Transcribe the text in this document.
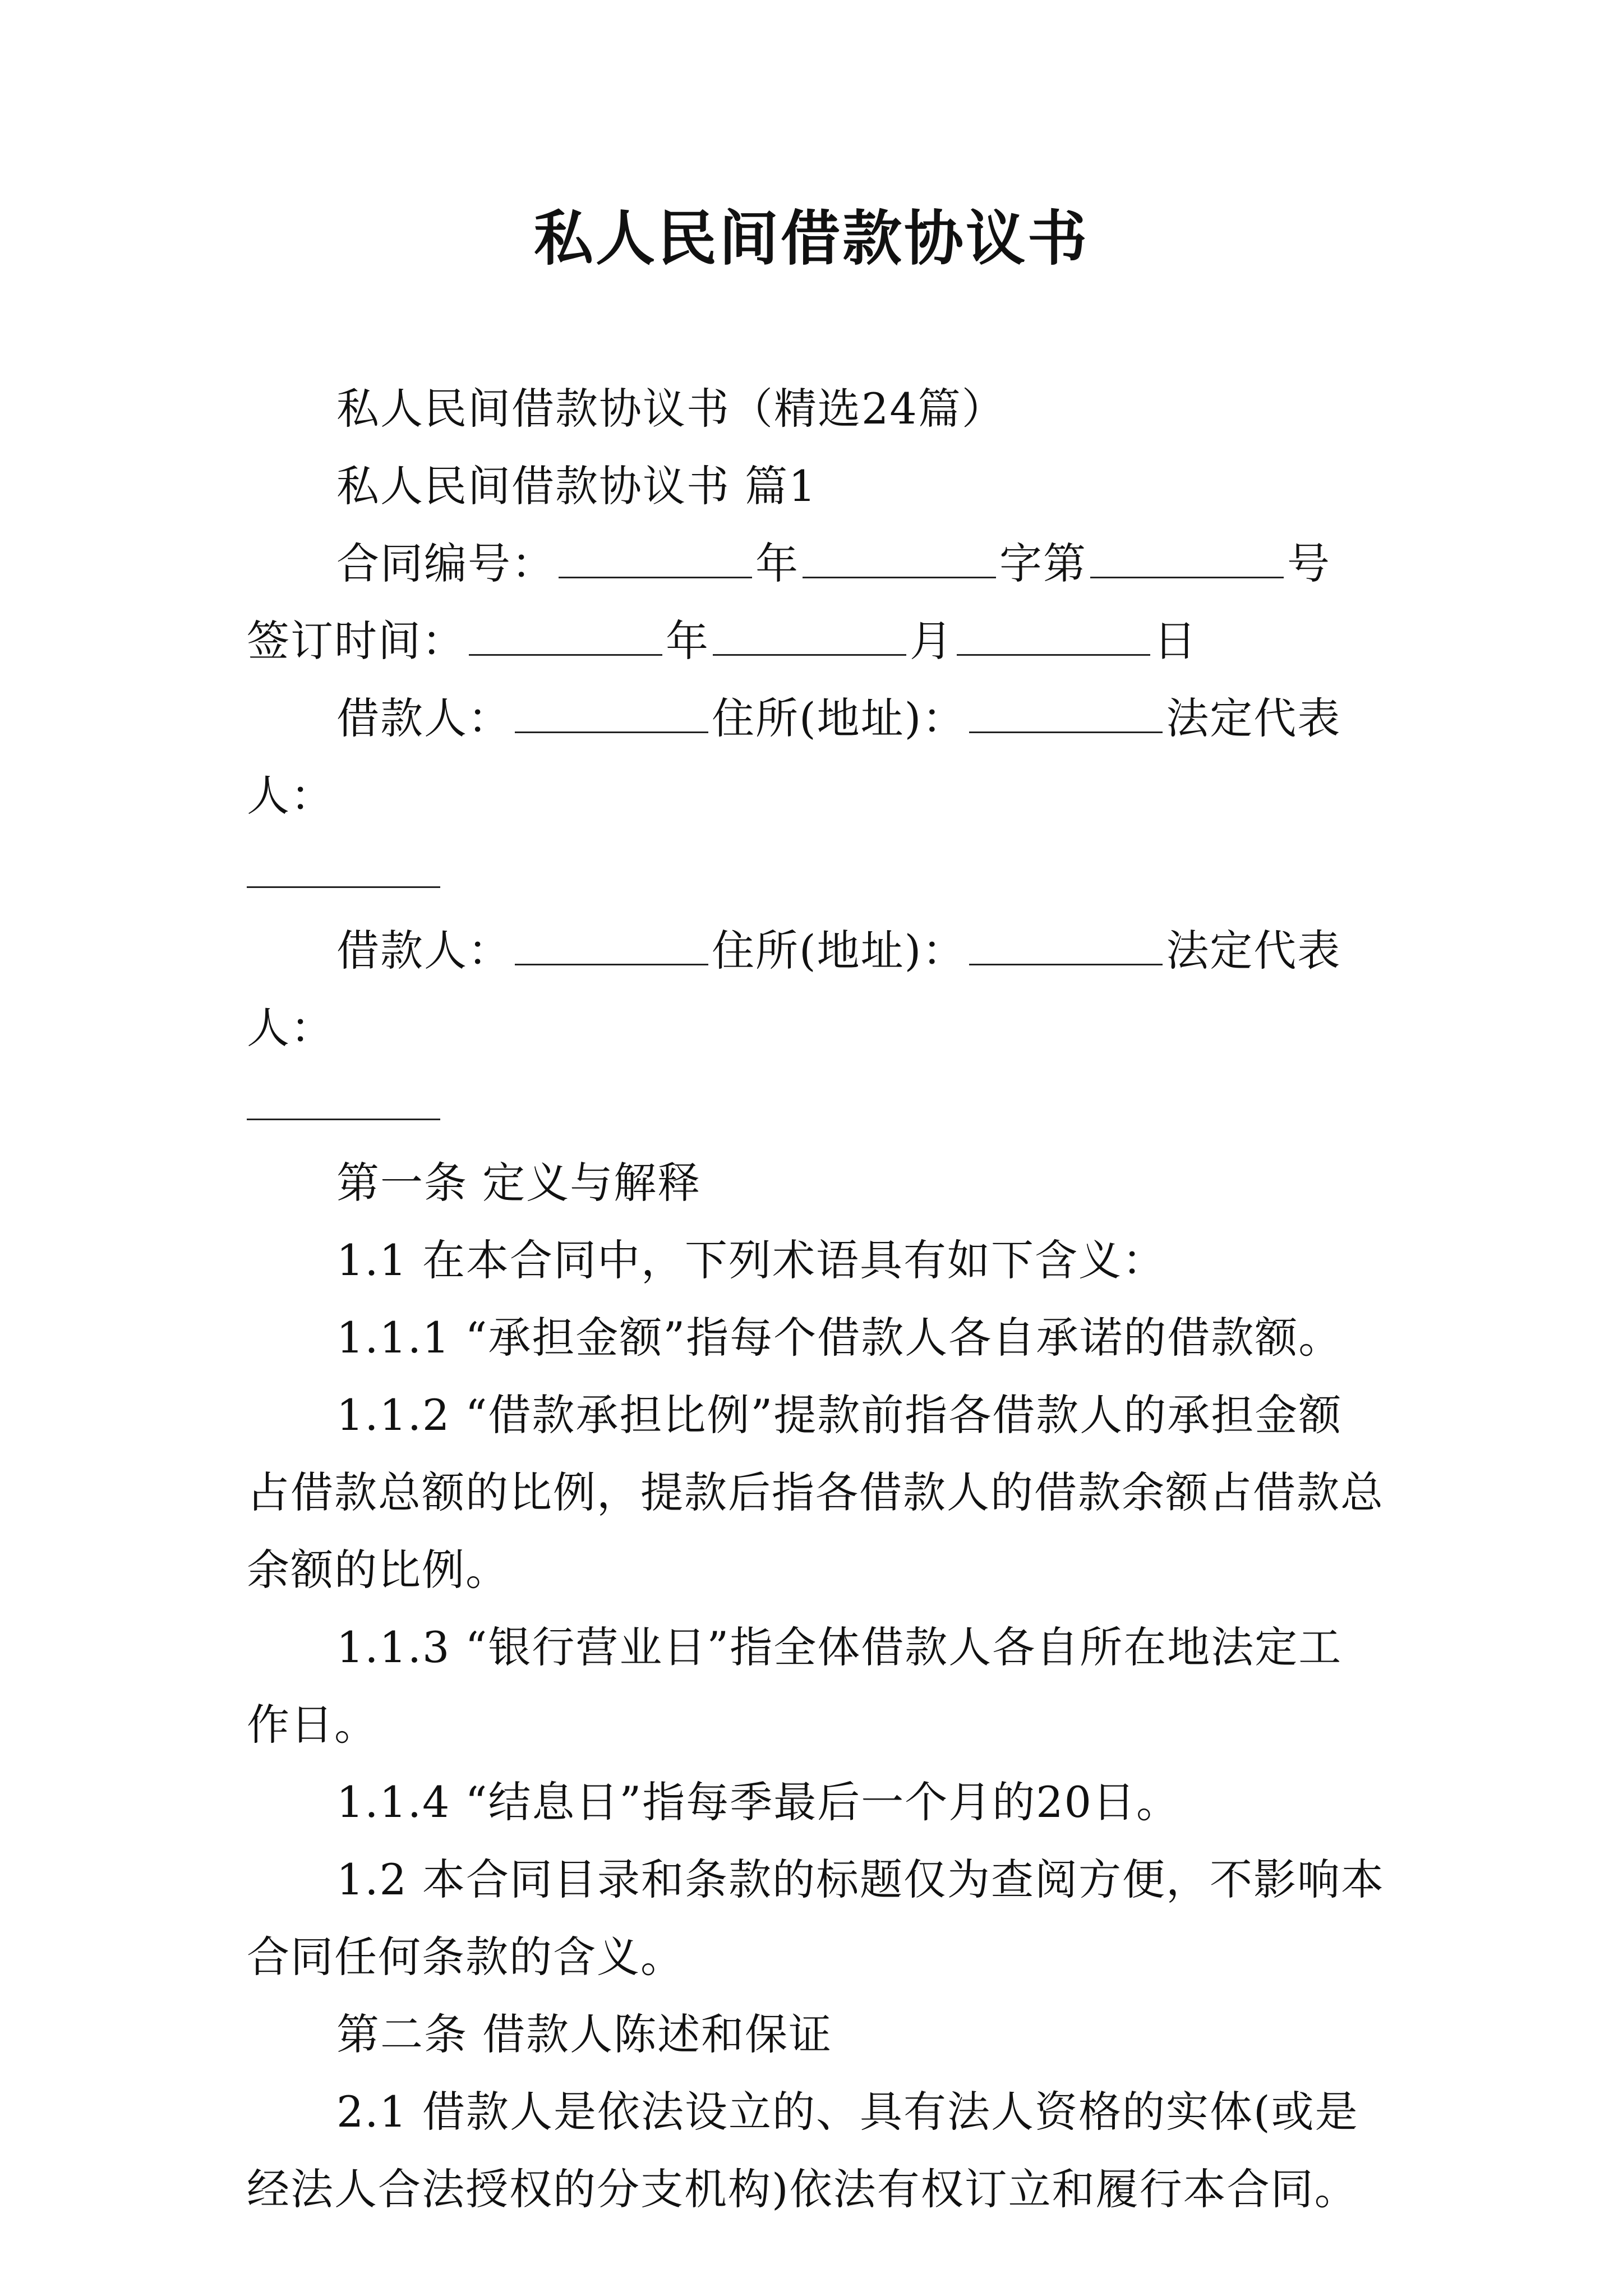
私人民间借款协议书

私人民间借款协议书（精选24篇）

私人民间借款协议书 篇1

合同编号：	年	字第	号 签订时间：	年	月	日

借款人：	住所(地址)：	法定代表人：

借款人：	住所(地址)：	法定代表人：

第一条 定义与解释

1.1 在本合同中，下列术语具有如下含义：

1.1.1 “承担金额”指每个借款人各自承诺的借款额。

1.1.2 “借款承担比例”提款前指各借款人的承担金额占借款总额的比例，提款后指各借款人的借款余额占借款总余额的比例。

1.1.3 “银行营业日”指全体借款人各自所在地法定工作日。

1.1.4 “结息日”指每季最后一个月的20日。

1.2 本合同目录和条款的标题仅为查阅方便，不影响本合同任何条款的含义。

第二条 借款人陈述和保证

2.1 借款人是依法设立的、具有法人资格的实体(或是经法人合法授权的分支机构)依法有权订立和履行本合同。
